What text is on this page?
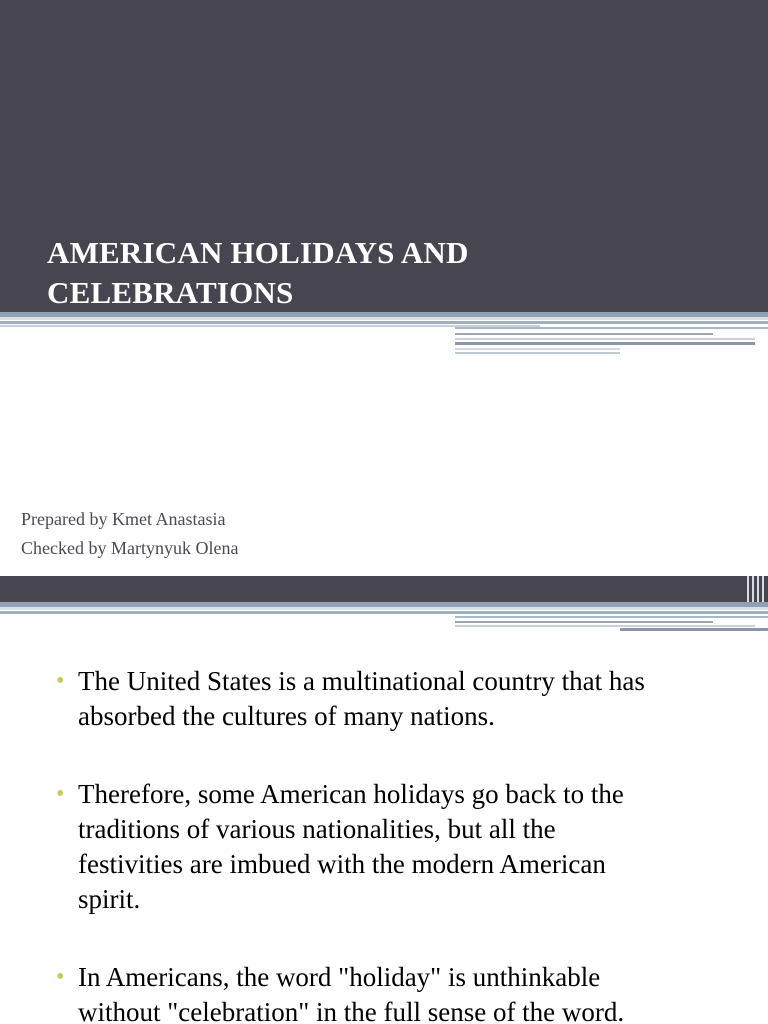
AMERICAN HOLIDAYS AND
CELEBRATIONS
Prepared by Kmet Anastasia
Checked by Martynyuk Olena
• The United States is a multinational country that has
absorbed the cultures of many nations.
• Therefore, some American holidays go back to the
traditions of various nationalities, but all the
festivities are imbued with the modern American
spirit.
• In Americans, the word "holiday" is unthinkable
without "celebration" in the full sense of the word.
